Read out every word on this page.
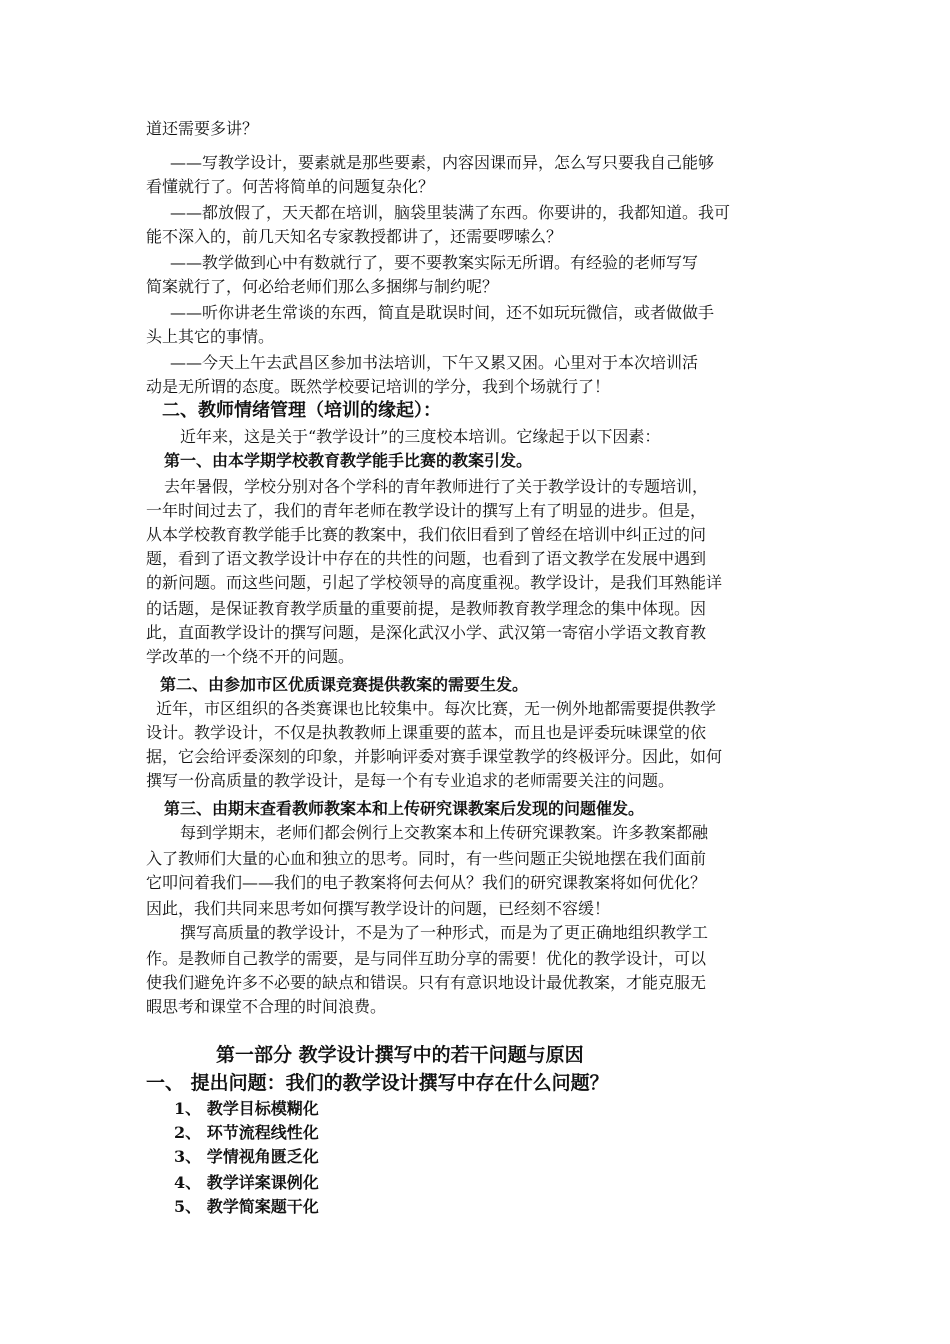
道还需要多讲？
——写教学设计，要素就是那些要素，内容因课而异，怎么写只要我自己能够
看懂就行了。何苦将简单的问题复杂化？
——都放假了，天天都在培训，脑袋里装满了东西。你要讲的，我都知道。我可
能不深入的，前几天知名专家教授都讲了，还需要啰嗦么？
——教学做到心中有数就行了，要不要教案实际无所谓。有经验的老师写写
简案就行了，何必给老师们那么多捆绑与制约呢？
——听你讲老生常谈的东西，简直是耽误时间，还不如玩玩微信，或者做做手
头上其它的事情。
——今天上午去武昌区参加书法培训，下午又累又困。心里对于本次培训活
动是无所谓的态度。既然学校要记培训的学分，我到个场就行了！
二、教师情绪管理（培训的缘起）：
近年来，这是关于“教学设计”的三度校本培训。它缘起于以下因素：
第一、由本学期学校教育教学能手比赛的教案引发。
去年暑假，学校分别对各个学科的青年教师进行了关于教学设计的专题培训，
一年时间过去了，我们的青年老师在教学设计的撰写上有了明显的进步。但是，
从本学校教育教学能手比赛的教案中，我们依旧看到了曾经在培训中纠正过的问
题，看到了语文教学设计中存在的共性的问题，也看到了语文教学在发展中遇到
的新问题。而这些问题，引起了学校领导的高度重视。教学设计，是我们耳熟能详
的话题，是保证教育教学质量的重要前提，是教师教育教学理念的集中体现。因
此，直面教学设计的撰写问题，是深化武汉小学、武汉第一寄宿小学语文教育教
学改革的一个绕不开的问题。
第二、由参加市区优质课竞赛提供教案的需要生发。
近年，市区组织的各类赛课也比较集中。每次比赛，无一例外地都需要提供教学
设计。教学设计，不仅是执教教师上课重要的蓝本，而且也是评委玩味课堂的依
据，它会给评委深刻的印象，并影响评委对赛手课堂教学的终极评分。因此，如何
撰写一份高质量的教学设计，是每一个有专业追求的老师需要关注的问题。
第三、由期末查看教师教案本和上传研究课教案后发现的问题催发。
每到学期末，老师们都会例行上交教案本和上传研究课教案。许多教案都融
入了教师们大量的心血和独立的思考。同时，有一些问题正尖锐地摆在我们面前
它叩问着我们——我们的电子教案将何去何从？我们的研究课教案将如何优化？
因此，我们共同来思考如何撰写教学设计的问题，已经刻不容缓！
撰写高质量的教学设计，不是为了一种形式，而是为了更正确地组织教学工
作。是教师自己教学的需要，是与同伴互助分享的需要！优化的教学设计，可以
使我们避免许多不必要的缺点和错误。只有有意识地设计最优教案，才能克服无
暇思考和课堂不合理的时间浪费。
第一部分 教学设计撰写中的若干问题与原因
一、 提出问题：我们的教学设计撰写中存在什么问题？
1、 教学目标模糊化
2、 环节流程线性化
3、 学情视角匮乏化
4、 教学详案课例化
5、 教学简案题干化
